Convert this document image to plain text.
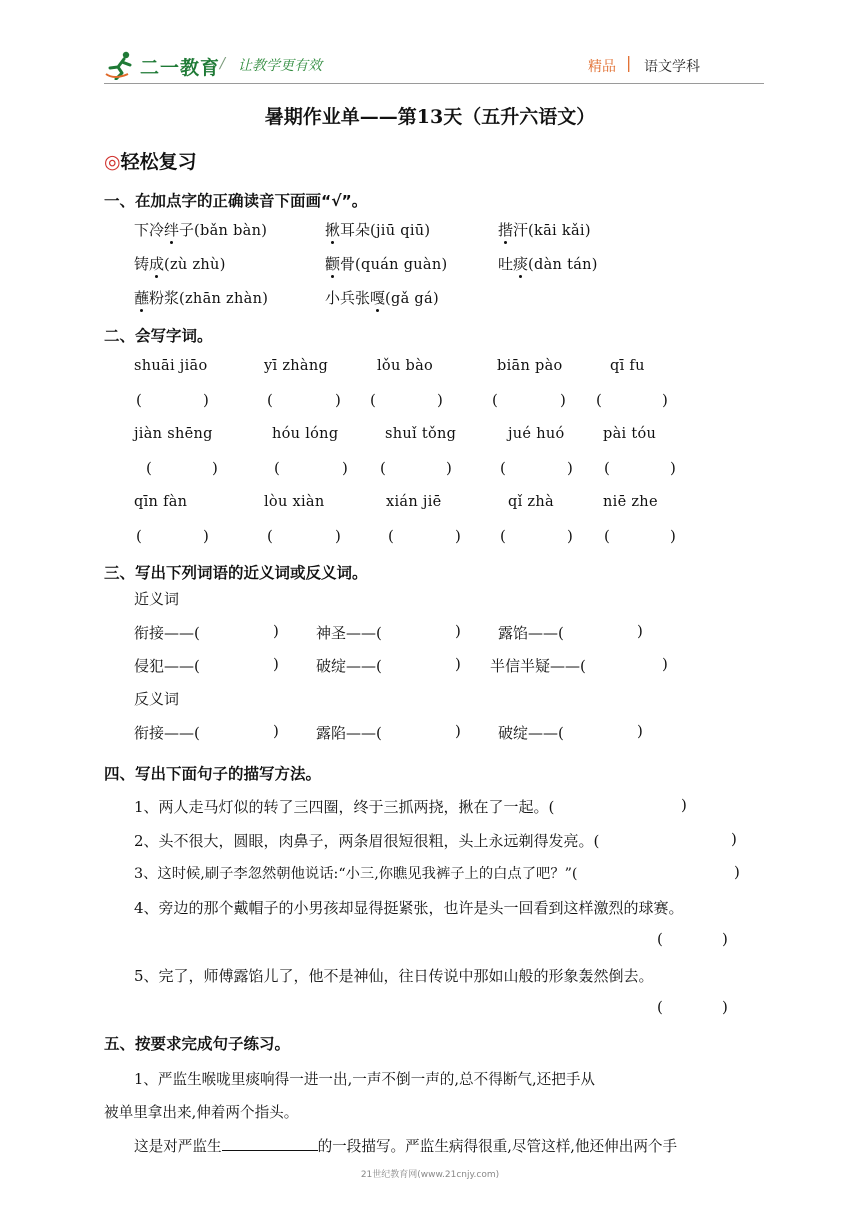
二一教育 / 让教学更有效	精品 | 语文学科
暑期作业单——第13天（五升六语文）
◎轻松复习
一、在加点字的正确读音下面画“√”。
下冷绊子(bǎn bàn)	揪耳朵(jiū qiū)	揩汗(kāi kǎi)
铸成(zù zhù)	颧骨(quán guàn)	吐痰(dàn tán)
蘸粉浆(zhān zhàn)	小兵张嘎(gǎ gá)
二、会写字词。
shuāi jiāo	yī zhàng	lǒu bào	biān pào	qī fu
(	)	(	) (	)	(	) (	)
jiàn shēng	hóu lóng	shuǐ tǒng	jué huó	pài tóu
(	)	(	) (	)	(	) (	)
qīn fàn	lòu xiàn	xián jiē	qǐ zhà	niē zhe
(	)	(	)	(	)	(	) (	)
三、写出下列词语的近义词或反义词。
近义词
衔接——(	) 神圣——(	) 露馅——(	)
侵犯——(	) 破绽——(	) 半信半疑——(	)
反义词
衔接——(	) 露陷——(	) 破绽——(	)
四、写出下面句子的描写方法。
1、两人走马灯似的转了三四圈，终于三抓两挠，揪在了一起。(	)
2、头不很大，圆眼，肉鼻子，两条眉很短很粗，头上永远剃得发亮。(	)
3、这时候,刷子李忽然朝他说话:“小三,你瞧见我裤子上的白点了吧？”(	)
4、旁边的那个戴帽子的小男孩却显得挺紧张，也许是头一回看到这样激烈的球赛。
(	)
5、完了，师傅露馅儿了，他不是神仙，往日传说中那如山般的形象轰然倒去。
(	)
五、按要求完成句子练习。
1、严监生喉咙里痰响得一进一出,一声不倒一声的,总不得断气,还把手从
被单里拿出来,伸着两个指头。
这是对严监生	的一段描写。严监生病得很重,尽管这样,他还伸出两个手
21世纪教育网(www.21cnjy.com)
